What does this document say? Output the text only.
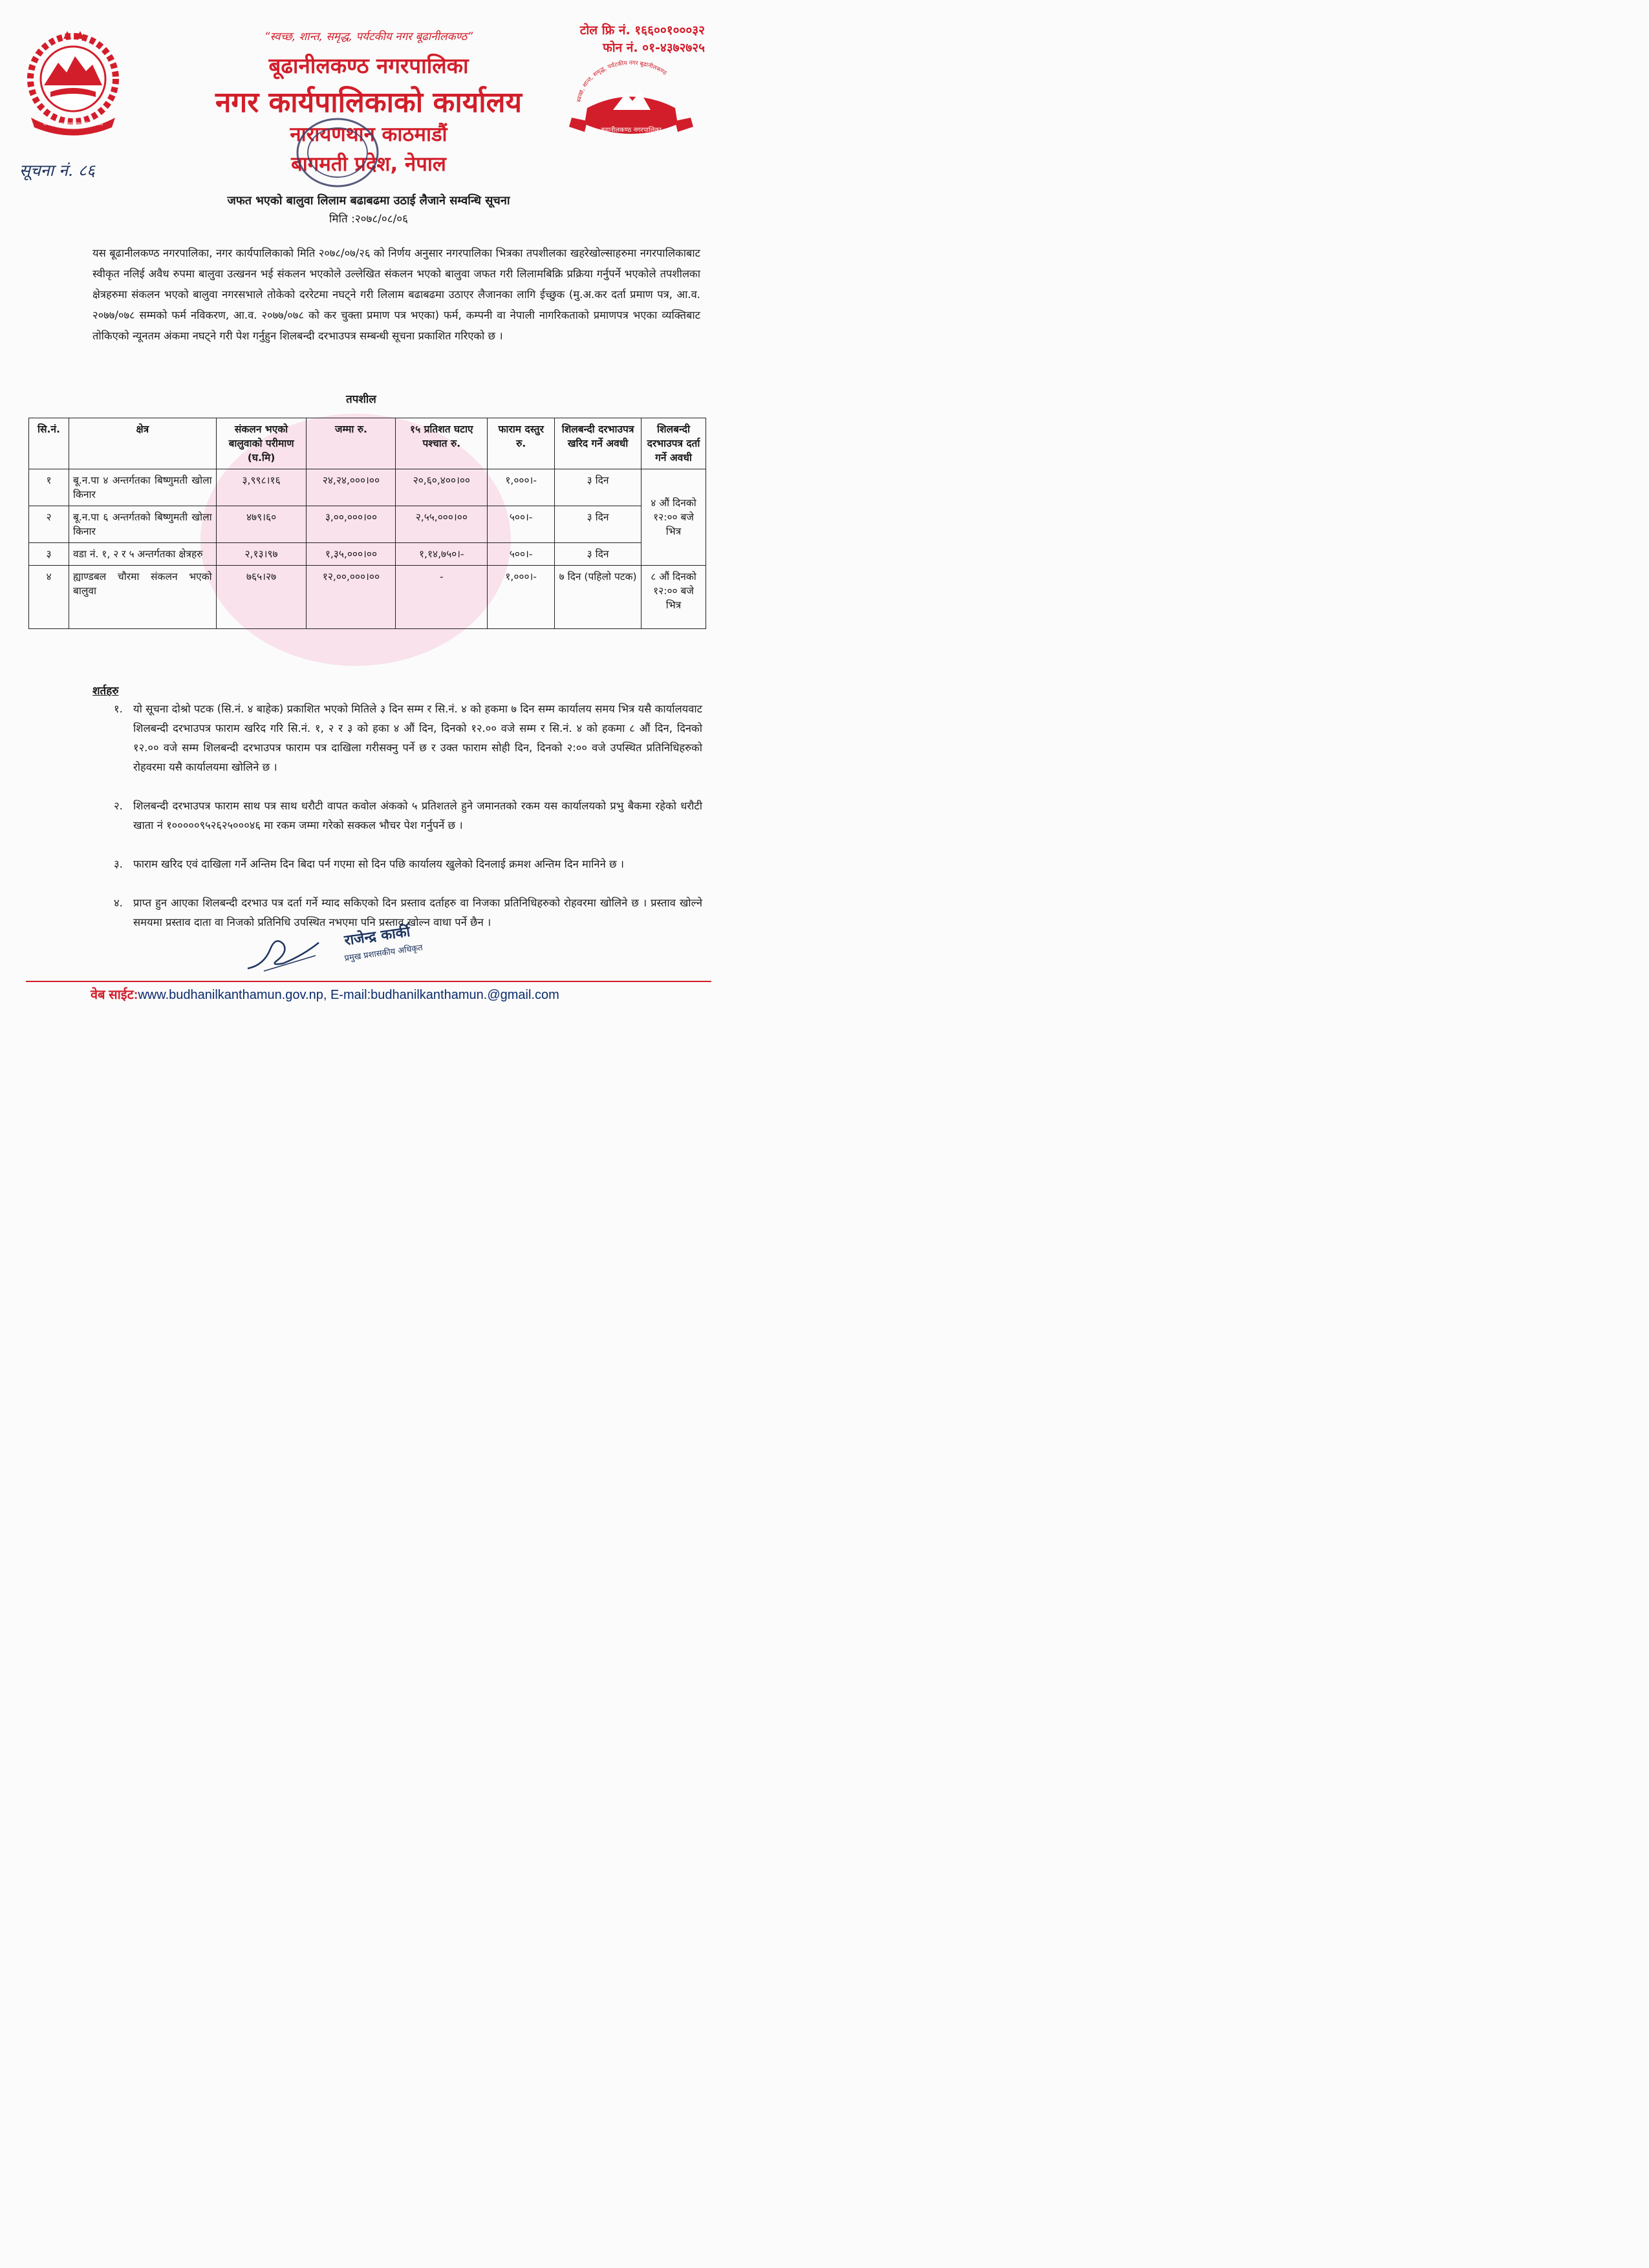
जननी जन्मभूमिश्च स्वर्गादपि गरीयसी
“स्वच्छ, शान्त, समृद्ध, पर्यटकीय नगर बूढानीलकण्ठ”	टोल फ्रि नं. १६६००१०००३२
फोन नं. ०१-४३७२७२५
बूढानीलकण्ठ नगरपालिका
नगर कार्यपालिकाको कार्यालय
नारायणथान काठमाडौं
बागमती प्रदेश, नेपाल
स्वच्छ, शान्त, समृद्ध, पर्यटकीय नगर बूढानीलकण्ठ
बूढानीलकण्ठ नगरपालिका
सूचना नं. ८६
जफत भएको बालुवा लिलाम बढाबढमा उठाई लैजाने सम्वन्धि सूचना
मिति :२०७८/०८/०६
यस बूढानीलकण्ठ नगरपालिका, नगर कार्यपालिकाको मिति २०७८/०७/२६ को निर्णय अनुसार नगरपालिका भित्रका तपशीलका खहरेखोल्साहरुमा नगरपालिकाबाट स्वीकृत नलिई अवैध रुपमा बालुवा उत्खनन भई संकलन भएकोले उल्लेखित संकलन भएको बालुवा जफत गरी लिलामबिक्रि प्रक्रिया गर्नुपर्ने भएकोले तपशीलका क्षेत्रहरुमा संकलन भएको बालुवा नगरसभाले तोकेको दररेटमा नघट्ने गरी लिलाम बढाबढमा उठाएर लैजानका लागि ईच्छुक (मु.अ.कर दर्ता प्रमाण पत्र, आ.व. २०७७/०७८ सम्मको फर्म नविकरण, आ.व. २०७७/०७८ को कर चुक्ता प्रमाण पत्र भएका) फर्म, कम्पनी वा नेपाली नागरिकताको प्रमाणपत्र भएका व्यक्तिबाट तोकिएको न्यूनतम अंकमा नघट्ने गरी पेश गर्नुहुन शिलबन्दी दरभाउपत्र सम्बन्धी सूचना प्रकाशित गरिएको छ ।
तपशील
सि.नं.	क्षेत्र	संकलन भएको बालुवाको परीमाण (घ.मि)	जम्मा रु.	१५ प्रतिशत घटाए पश्चात रु.	फाराम दस्तुर रु.	शिलबन्दी दरभाउपत्र खरिद गर्ने अवधी	शिलबन्दी दरभाउपत्र दर्ता गर्ने अवधी
१	बू.न.पा ४ अन्तर्गतका बिष्णुमती खोला किनार	३,९९८।१६	२४,२४,०००।००	२०,६०,४००।००	१,०००।-	३ दिन	४ औं दिनको १२:०० बजे भित्र
२	बू.न.पा ६ अन्तर्गतको बिष्णुमती खोला किनार	४७९।६०	३,००,०००।००	२,५५,०००।००	५००।-	३ दिन	
३	वडा नं. १, २ र ५ अन्तर्गतका क्षेत्रहरु	२,१३।९७	१,३५,०००।००	१,१४,७५०।-	५००।-	३ दिन	
४	ह्याण्डबल चौरमा संकलन भएको बालुवा	७६५।२७	१२,००,०००।००	-	१,०००।-	७ दिन (पहिलो पटक)	८ औं दिनको १२:०० बजे भित्र
शर्तहरु
१. यो सूचना दोश्रो पटक (सि.नं. ४ बाहेक) प्रकाशित भएको मितिले ३ दिन सम्म र सि.नं. ४ को हकमा ७ दिन सम्म कार्यालय समय भित्र यसै कार्यालयवाट शिलबन्दी दरभाउपत्र फाराम खरिद गरि सि.नं. १, २ र ३ को हका ४ औं दिन, दिनको १२.०० वजे सम्म र सि.नं. ४ को हकमा ८ औं दिन, दिनको १२.०० वजे सम्म शिलबन्दी दरभाउपत्र फाराम पत्र दाखिला गरीसक्नु पर्ने छ र उक्त फाराम सोही दिन, दिनको २:०० वजे उपस्थित प्रतिनिधिहरुको रोहवरमा यसै कार्यालयमा खोलिने छ ।
२. शिलबन्दी दरभाउपत्र फाराम साथ पत्र साथ धरौटी वापत कवोल अंकको ५ प्रतिशतले हुने जमानतको रकम यस कार्यालयको प्रभु बैकमा रहेको धरौटी खाता नं १०००००९५२६२५०००४६ मा रकम जम्मा गरेको सक्कल भौचर पेश गर्नुपर्ने छ ।
३. फाराम खरिद एवं दाखिला गर्ने अन्तिम दिन बिदा पर्न गएमा सो दिन पछि कार्यालय खुलेको दिनलाई क्रमश अन्तिम दिन मानिने छ ।
४. प्राप्त हुन आएका शिलबन्दी दरभाउ पत्र दर्ता गर्ने म्याद सकिएको दिन प्रस्ताव दर्ताहरु वा निजका प्रतिनिधिहरुको रोहवरमा खोलिने छ । प्रस्ताव खोल्ने समयमा प्रस्ताव दाता वा निजको प्रतिनिधि उपस्थित नभएमा पनि प्रस्ताव खोल्न वाधा पर्ने छैन ।
राजेन्द्र कार्की
प्रमुख प्रशासकीय अधिकृत
वेब साईट:www.budhanilkanthamun.gov.np, E-mail:budhanilkanthamun.@gmail.com
